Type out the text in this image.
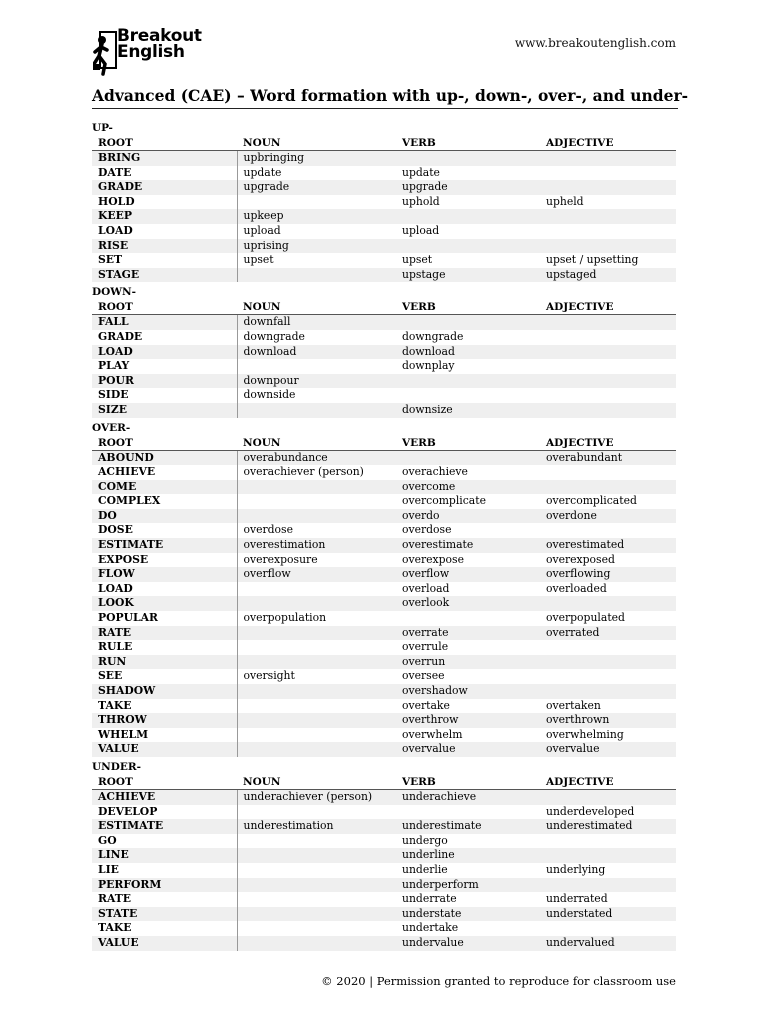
Breakout
English	www.breakoutenglish.com
Advanced (CAE) – Word formation with up-, down-, over-, and under-
UP-
ROOT	NOUN	VERB	ADJECTIVE
BRING	upbringing		
DATE	update	update	
GRADE	upgrade	upgrade	
HOLD		uphold	upheld
KEEP	upkeep		
LOAD	upload	upload	
RISE	uprising		
SET	upset	upset	upset / upsetting
STAGE		upstage	upstaged
DOWN-
ROOT	NOUN	VERB	ADJECTIVE
FALL	downfall		
GRADE	downgrade	downgrade	
LOAD	download	download	
PLAY		downplay	
POUR	downpour		
SIDE	downside		
SIZE		downsize	
OVER-
ROOT	NOUN	VERB	ADJECTIVE
ABOUND	overabundance		overabundant
ACHIEVE	overachiever (person)	overachieve	
COME		overcome	
COMPLEX		overcomplicate	overcomplicated
DO		overdo	overdone
DOSE	overdose	overdose	
ESTIMATE	overestimation	overestimate	overestimated
EXPOSE	overexposure	overexpose	overexposed
FLOW	overflow	overflow	overflowing
LOAD		overload	overloaded
LOOK		overlook	
POPULAR	overpopulation		overpopulated
RATE		overrate	overrated
RULE		overrule	
RUN		overrun	
SEE	oversight	oversee	
SHADOW		overshadow	
TAKE		overtake	overtaken
THROW		overthrow	overthrown
WHELM		overwhelm	overwhelming
VALUE		overvalue	overvalue
UNDER-
ROOT	NOUN	VERB	ADJECTIVE
ACHIEVE	underachiever (person)	underachieve	
DEVELOP			underdeveloped
ESTIMATE	underestimation	underestimate	underestimated
GO		undergo	
LINE		underline	
LIE		underlie	underlying
PERFORM		underperform	
RATE		underrate	underrated
STATE		understate	understated
TAKE		undertake	
VALUE		undervalue	undervalued
© 2020 | Permission granted to reproduce for classroom use
